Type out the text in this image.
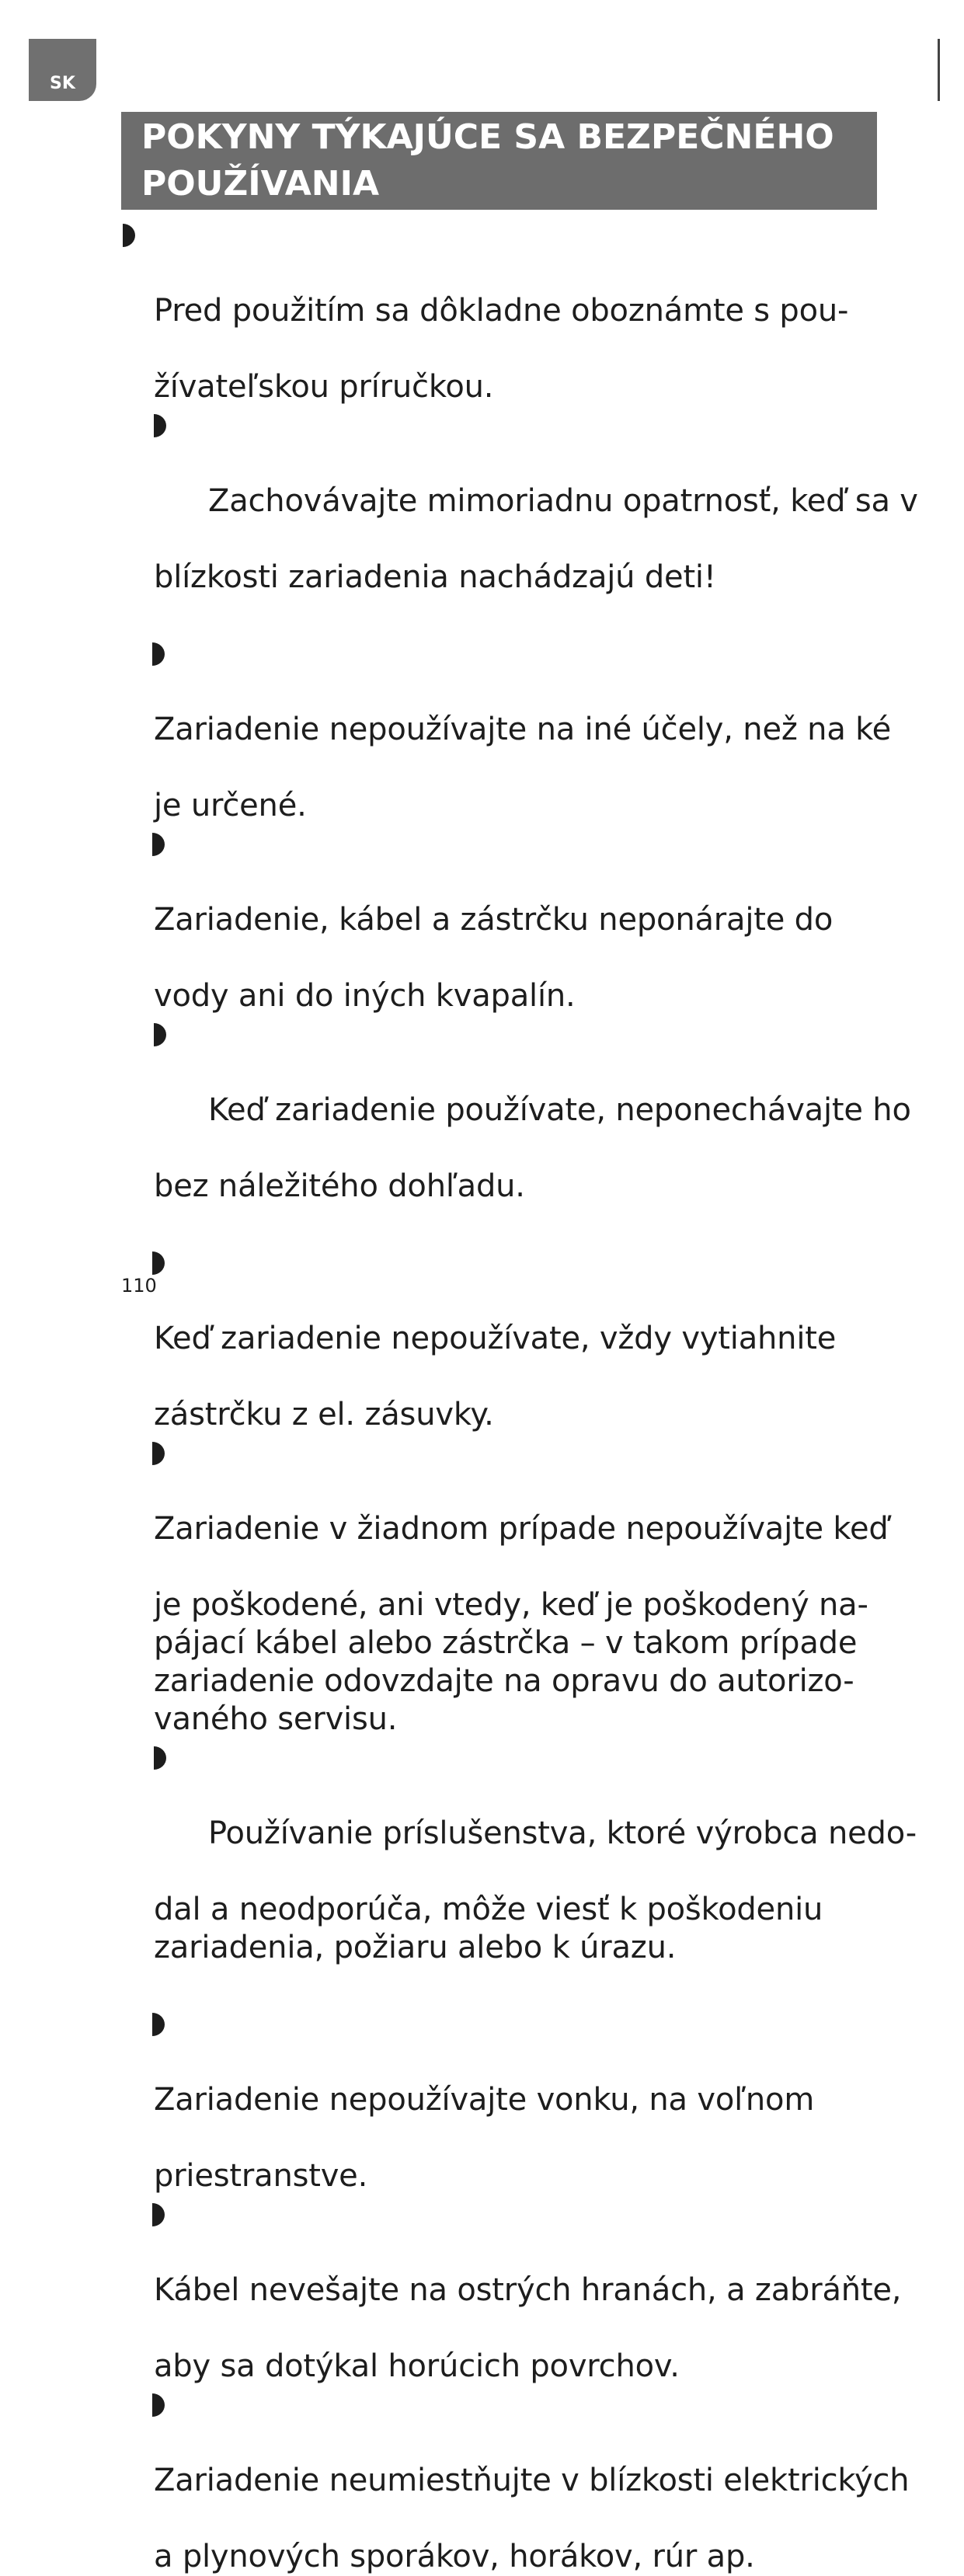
SK
POKYNY TÝKAJÚCE SA BEZPEČNÉHO
POUŽÍVANIA

Pred použitím sa dôkladne oboznámte s pou-

žívateľskou príručkou.

Zachovávajte mimoriadnu opatrnosť, keď sa v

blízkosti zariadenia nachádzajú deti!

Zariadenie nepoužívajte na iné účely, než na ké

je určené.

Zariadenie, kábel a zástrčku neponárajte do

vody ani do iných kvapalín.

Keď zariadenie používate, neponechávajte ho

bez náležitého dohľadu.

Keď zariadenie nepoužívate, vždy vytiahnite

zástrčku z el. zásuvky.

Zariadenie v žiadnom prípade nepoužívajte keď

je poškodené, ani vtedy, keď je poškodený na-
pájací kábel alebo zástrčka – v takom prípade
zariadenie odovzdajte na opravu do autorizo-
vaného servisu.

Používanie príslušenstva, ktoré výrobca nedo-

dal a neodporúča, môže viesť k poškodeniu
zariadenia, požiaru alebo k úrazu.

Zariadenie nepoužívajte vonku, na voľnom

priestranstve.

Kábel nevešajte na ostrých hranách, a zabráňte,

aby sa dotýkal horúcich povrchov.

Zariadenie neumiestňujte v blízkosti elektrických

a plynových sporákov, horákov, rúr ap.

110
